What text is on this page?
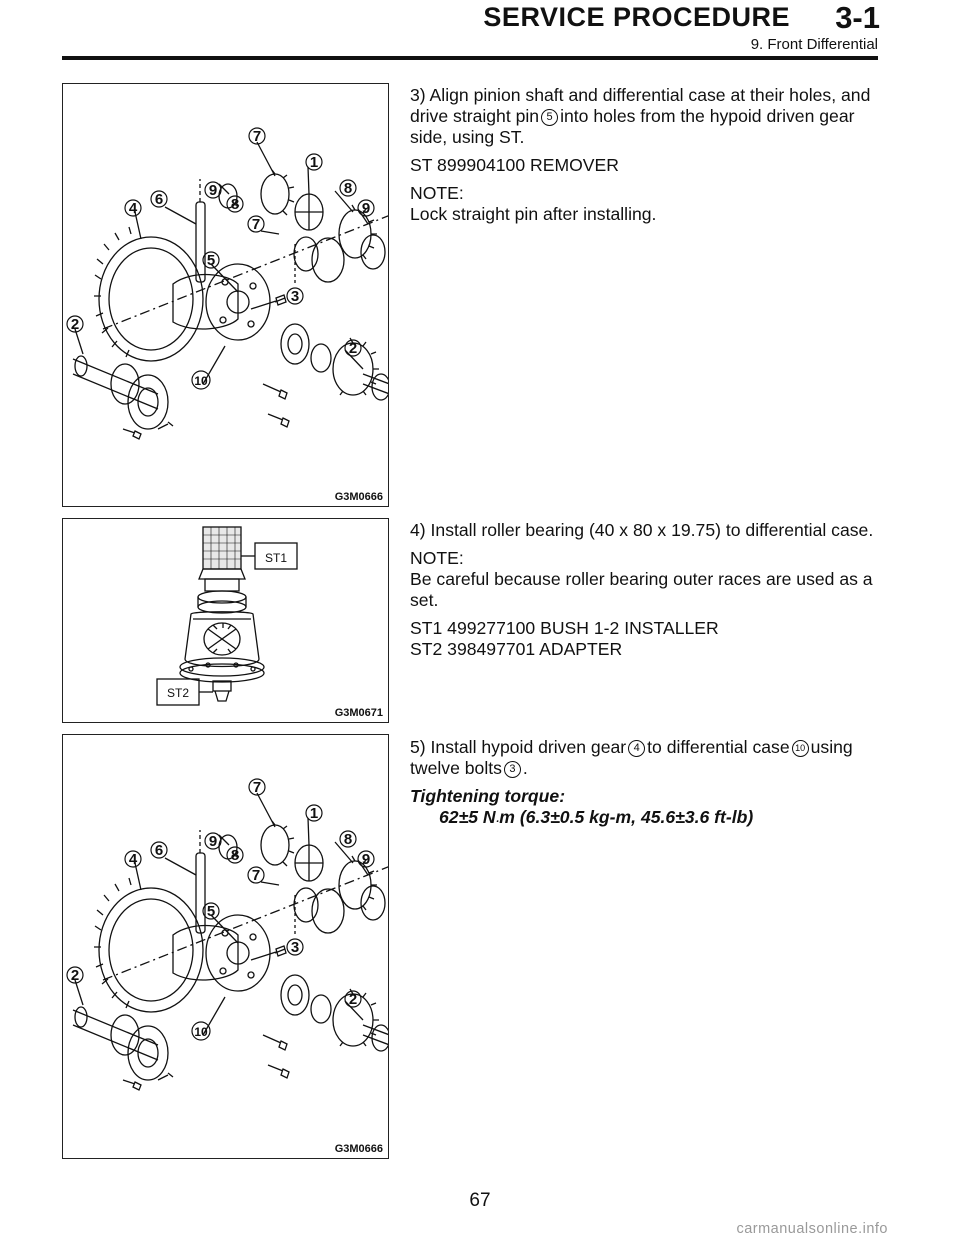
SERVICE PROCEDURE	3-1
9. Front Differential
7
1
9
8
8
9
4
6
7
5
3
2
2
10
G3M0666
ST1
ST2
G3M0671
7
1
9
8
8
9
4
6
7
5
3
2
2
10
G3M0666

3) Align pinion shaft and differential case at their holes, and drive straight pin 5 into holes from the hypoid driven gear side, using ST.

ST 899904100 REMOVER

NOTE:
Lock straight pin after installing.

4) Install roller bearing (40 x 80 x 19.75) to differential case.

NOTE:
Be careful because roller bearing outer races are used as a set.

ST1 499277100 BUSH 1-2 INSTALLER
ST2 398497701 ADAPTER

5) Install hypoid driven gear 4 to differential case 10 using twelve bolts 3 .

Tightening torque:
62±5 N·m (6.3±0.5 kg-m, 45.6±3.6 ft-lb)

67
carmanualsonline.info
